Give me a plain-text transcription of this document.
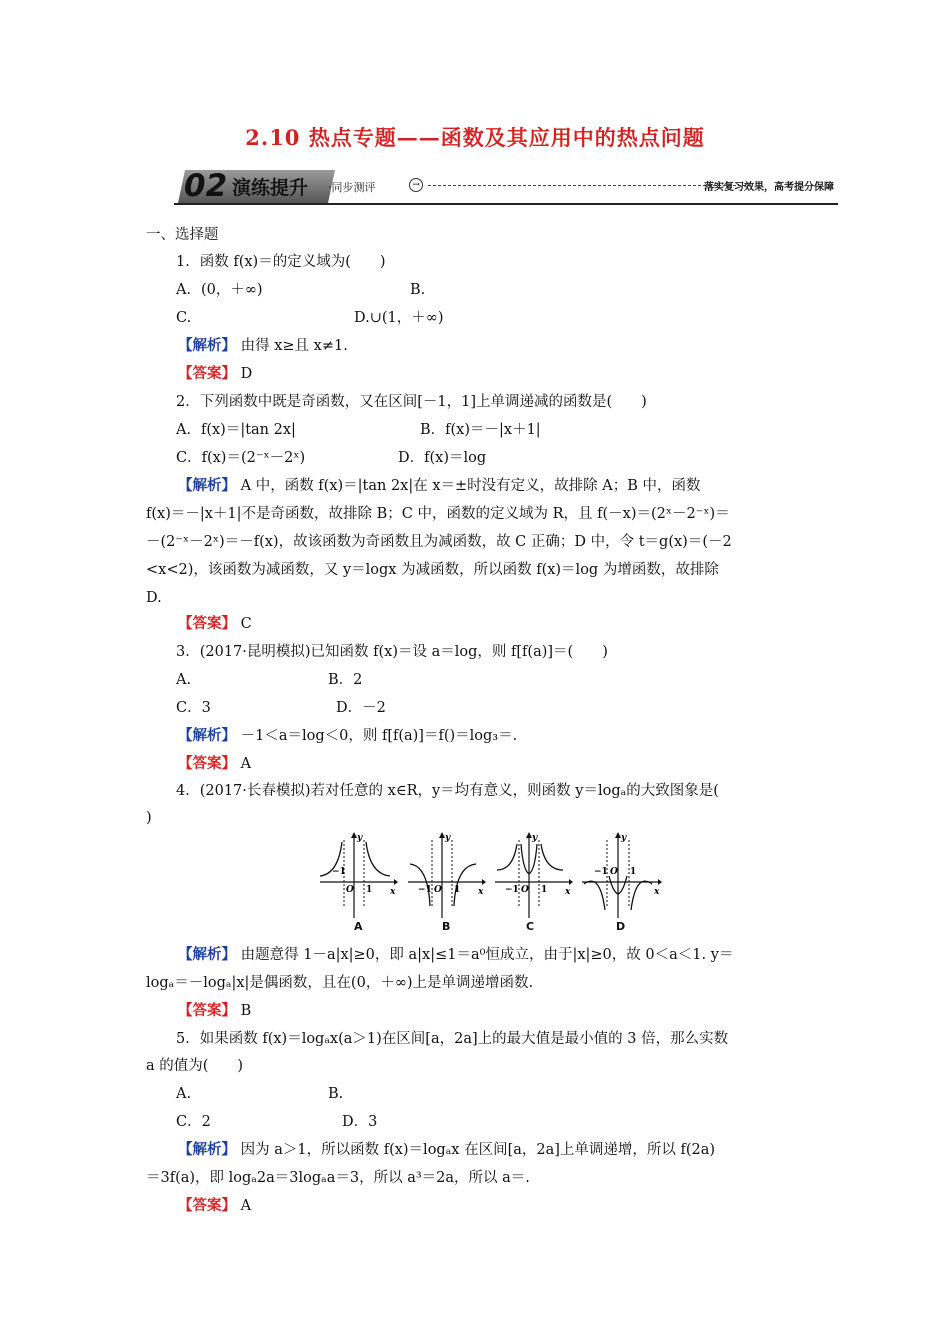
2.10 热点专题——函数及其应用中的热点问题
02 演练提升 ·同步测评	→	落实复习效果，高考提分保障
一、选择题
1．函数 f(x)＝的定义域为(　　)
A．(0，＋∞)	B.
C.	D.∪(1，＋∞)
【解析】 由得 x≥且 x≠1.
【答案】 D
2．下列函数中既是奇函数，又在区间[－1，1]上单调递减的函数是(　　)
A．f(x)＝|tan 2x|	B．f(x)＝－|x＋1|
C．f(x)＝(2⁻ˣ－2ˣ)	D．f(x)＝log
【解析】 A 中，函数 f(x)＝|tan 2x|在 x＝±时没有定义，故排除 A；B 中，函数
f(x)＝－|x＋1|不是奇函数，故排除 B；C 中，函数的定义域为 R，且 f(－x)＝(2ˣ－2⁻ˣ)＝
－(2⁻ˣ－2ˣ)＝－f(x)，故该函数为奇函数且为减函数，故 C 正确；D 中，令 t＝g(x)＝(－2
<x<2)，该函数为减函数，又 y＝logx 为减函数，所以函数 f(x)＝log 为增函数，故排除
D.
【答案】 C
3．(2017·昆明模拟)已知函数 f(x)＝设 a＝log，则 f[f(a)]＝(　　)
A.	B．2
C．3	D．－2
【解析】 －1＜a＝log＜0，则 f[f(a)]＝f()＝log₃＝.
【答案】 A
4．(2017·长春模拟)若对任意的 x∈R，y＝均有意义，则函数 y＝logₐ的大致图象是(
)
y
x
−1
O 1
y
x
−1 O 1
y
x
−1 O 1
y
x
−1 O 1
A	B	C	D
【解析】 由题意得 1－a|x|≥0，即 a|x|≤1＝a⁰恒成立，由于|x|≥0，故 0＜a＜1. y＝
logₐ＝－logₐ|x|是偶函数，且在(0，＋∞)上是单调递增函数.
【答案】 B
5．如果函数 f(x)＝logₐx(a＞1)在区间[a，2a]上的最大值是最小值的 3 倍，那么实数
a 的值为(　　)
A.	B.
C．2	D．3
【解析】 因为 a＞1，所以函数 f(x)＝logₐx 在区间[a，2a]上单调递增，所以 f(2a)
＝3f(a)，即 logₐ2a＝3logₐa＝3，所以 a³＝2a，所以 a＝.
【答案】 A
